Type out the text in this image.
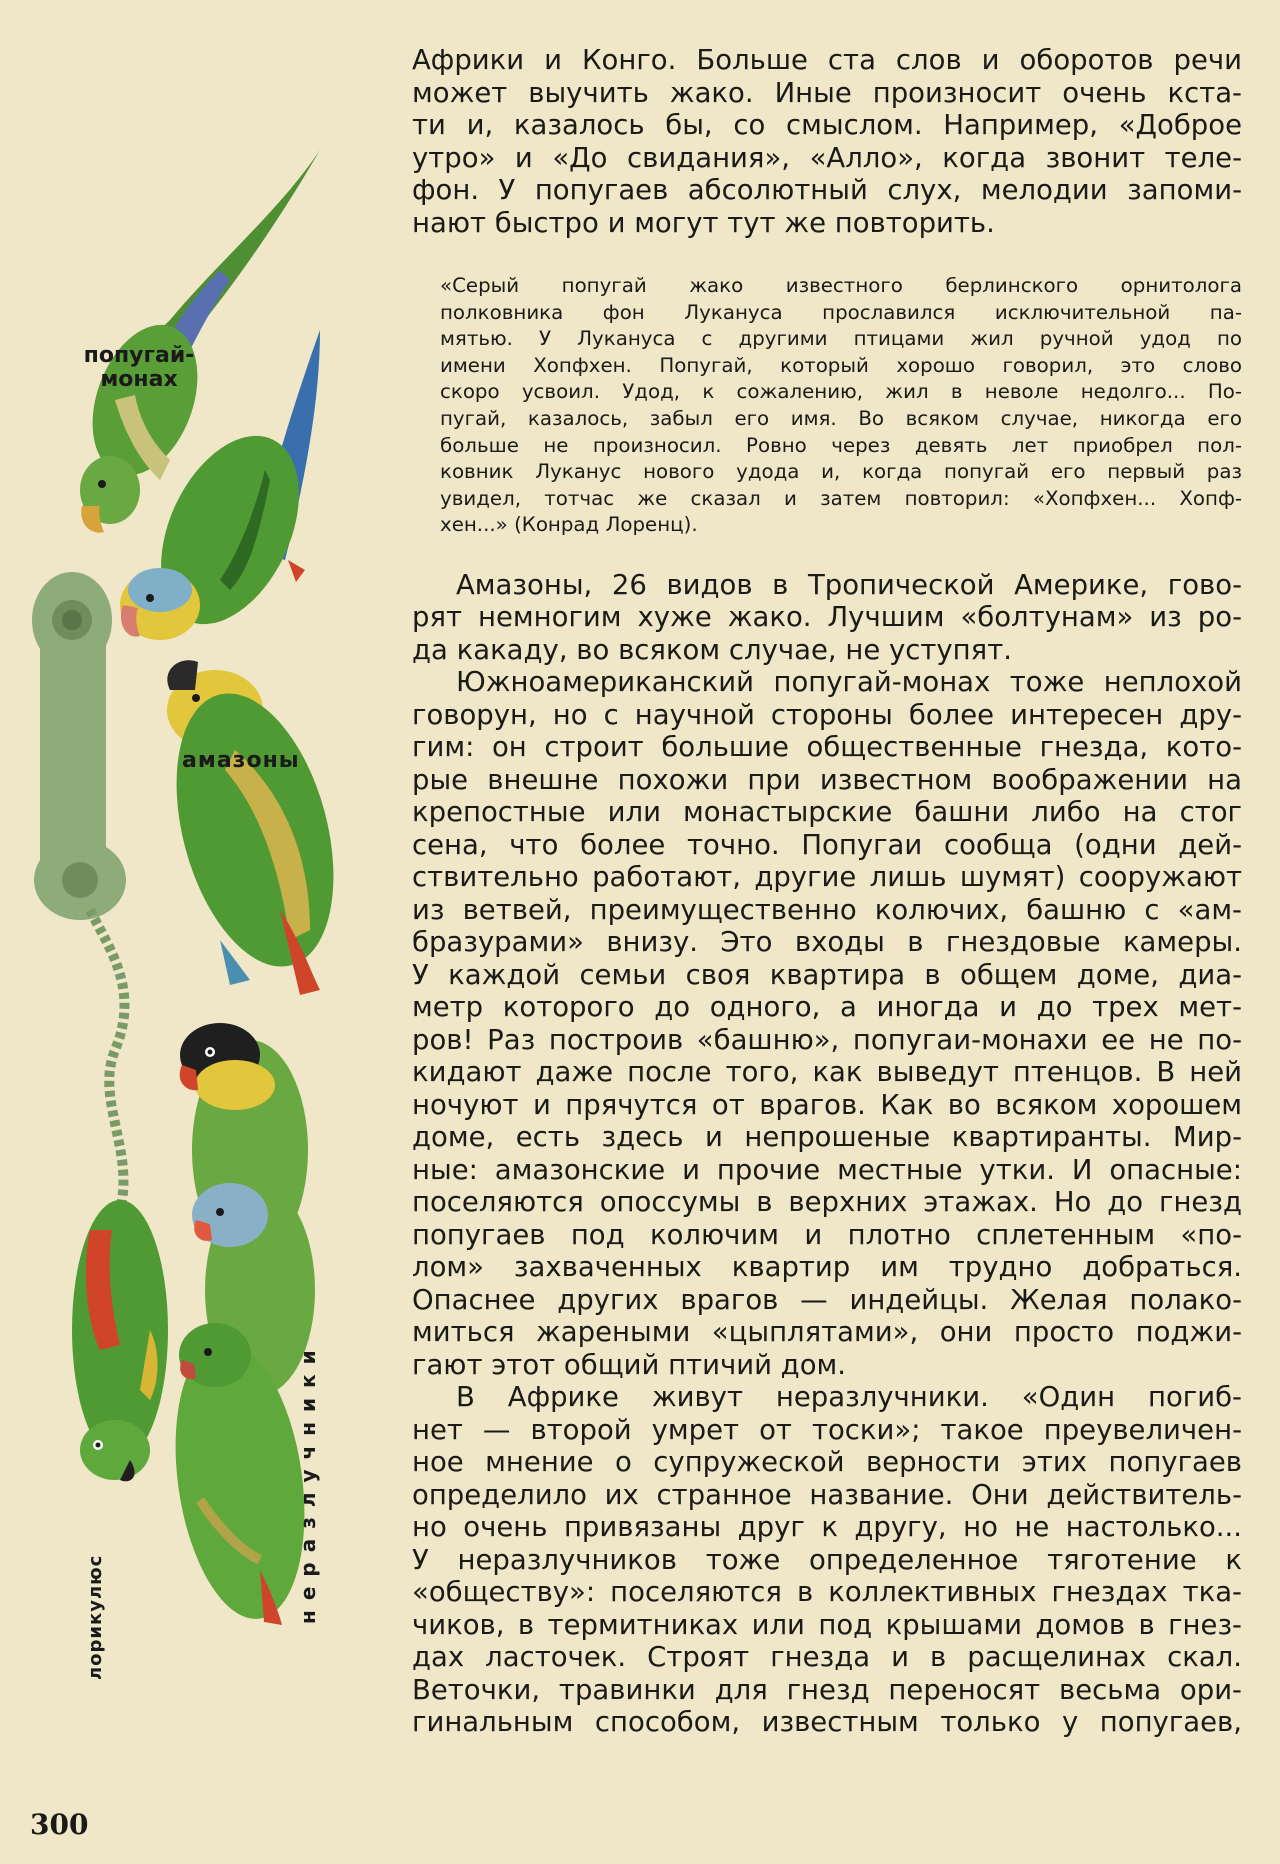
попугай-
монах
амазоны
лорикулюс	неразлучники
Африки и Конго. Больше ста слов и оборотов речи
может выучить жако. Иные произносит очень кста-
ти и, казалось бы, со смыслом. Например, «Доброе
утро» и «До свидания», «Алло», когда звонит теле-
фон. У попугаев абсолютный слух, мелодии запоми-
нают быстро и могут тут же повторить.
«Серый попугай жако известного берлинского орнитолога
полковника фон Лукануса прославился исключительной па-
мятью. У Луканусa с другими птицами жил ручной удод по
имени Хопфхен. Попугай, который хорошо говорил, это слово
скоро усвоил. Удод, к сожалению, жил в неволе недолго... По-
пугай, казалось, забыл его имя. Во всяком случае, никогда его
больше не произносил. Ровно через девять лет приобрел пол-
ковник Луканус нового удода и, когда попугай его первый раз
увидел, тотчас же сказал и затем повторил: «Хопфхен... Хопф-
хен...» (Конрад Лоренц).
Амазоны, 26 видов в Тропической Америке, гово-
рят немногим хуже жако. Лучшим «болтунам» из ро-
да какаду, во всяком случае, не уступят.
Южноамериканский попугай-монах тоже неплохой
говорун, но с научной стороны более интересен дру-
гим: он строит большие общественные гнезда, кото-
рые внешне похожи при известном воображении на
крепостные или монастырские башни либо на стог
сена, что более точно. Попугаи сообща (одни дей-
ствительно работают, другие лишь шумят) сооружают
из ветвей, преимущественно колючих, башню с «ам-
бразурами» внизу. Это входы в гнездовые камеры.
У каждой семьи своя квартира в общем доме, диа-
метр которого до одного, а иногда и до трех мет-
ров! Раз построив «башню», попугаи-монахи ее не по-
кидают даже после того, как выведут птенцов. В ней
ночуют и прячутся от врагов. Как во всяком хорошем
доме, есть здесь и непрошеные квартиранты. Мир-
ные: амазонские и прочие местные утки. И опасные:
поселяются опоссумы в верхних этажах. Но до гнезд
попугаев под колючим и плотно сплетенным «по-
лом» захваченных квартир им трудно добраться.
Опаснее других врагов — индейцы. Желая полако-
миться жареными «цыплятами», они просто поджи-
гают этот общий птичий дом.
В Африке живут неразлучники. «Один погиб-
нет — второй умрет от тоски»; такое преувеличен-
ное мнение о супружеской верности этих попугаев
определило их странное название. Они действитель-
но очень привязаны друг к другу, но не настолько...
У неразлучников тоже определенное тяготение к
«обществу»: поселяются в коллективных гнездах тка-
чиков, в термитниках или под крышами домов в гнез-
дах ласточек. Строят гнезда и в расщелинах скал.
Веточки, травинки для гнезд переносят весьма ори-
гинальным способом, известным только у попугаев,
300
